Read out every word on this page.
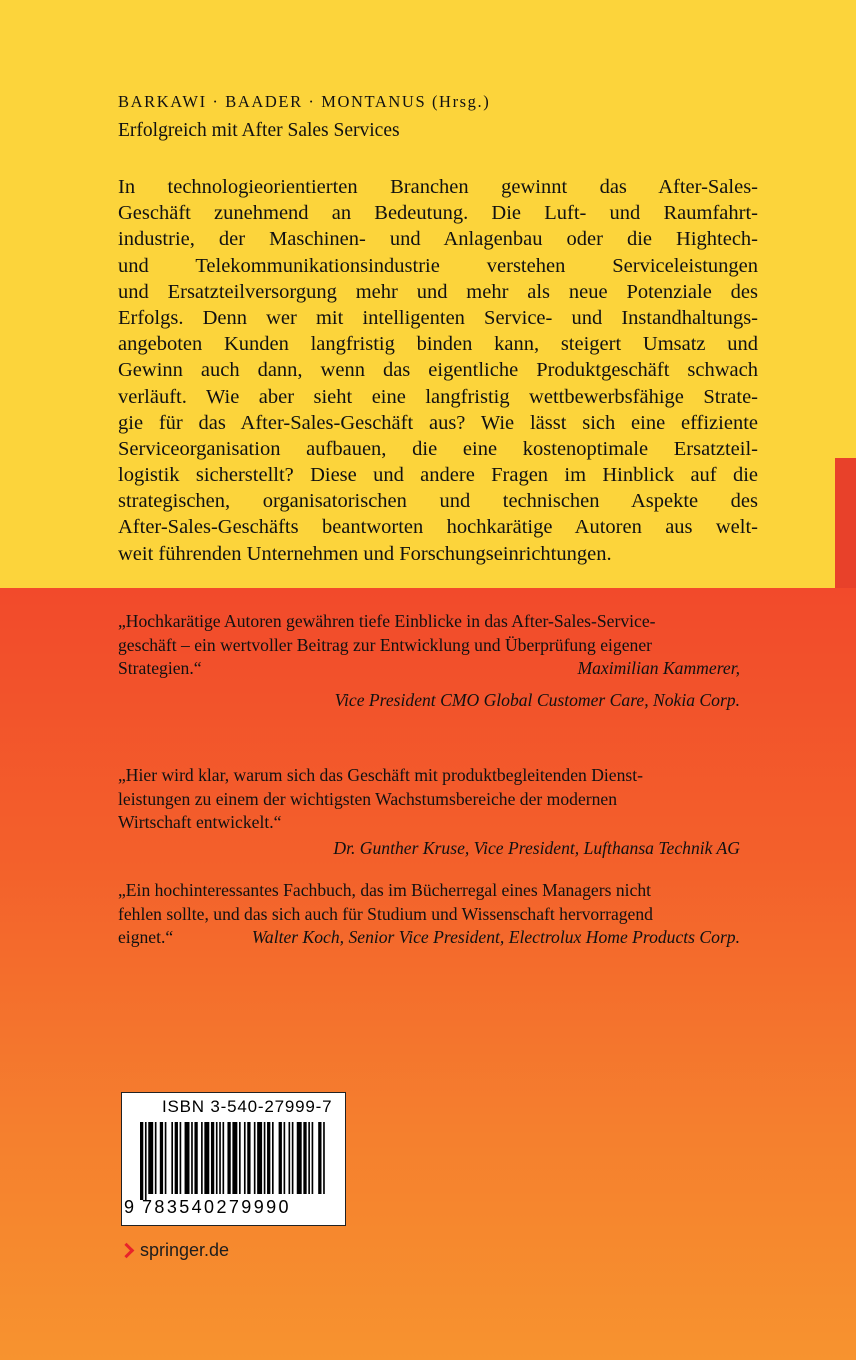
BARKAWI · BAADER · MONTANUS (Hrsg.)
Erfolgreich mit After Sales Services
In technologieorientierten Branchen gewinnt das After-Sales-
Geschäft zunehmend an Bedeutung. Die Luft- und Raumfahrt-
industrie, der Maschinen- und Anlagenbau oder die Hightech-
und Telekommunikationsindustrie verstehen Serviceleistungen
und Ersatzteilversorgung mehr und mehr als neue Potenziale des
Erfolgs. Denn wer mit intelligenten Service- und Instandhaltungs-
angeboten Kunden langfristig binden kann, steigert Umsatz und
Gewinn auch dann, wenn das eigentliche Produktgeschäft schwach
verläuft. Wie aber sieht eine langfristig wettbewerbsfähige Strate-
gie für das After-Sales-Geschäft aus? Wie lässt sich eine effiziente
Serviceorganisation aufbauen, die eine kostenoptimale Ersatzteil-
logistik sicherstellt? Diese und andere Fragen im Hinblick auf die
strategischen, organisatorischen und technischen Aspekte des
After-Sales-Geschäfts beantworten hochkarätige Autoren aus welt-
weit führenden Unternehmen und Forschungseinrichtungen.
„Hochkarätige Autoren gewähren tiefe Einblicke in das After-Sales-Service-
geschäft – ein wertvoller Beitrag zur Entwicklung und Überprüfung eigener
Strategien.“	Maximilian Kammerer,
Vice President CMO Global Customer Care, Nokia Corp.
„Hier wird klar, warum sich das Geschäft mit produktbegleitenden Dienst-
leistungen zu einem der wichtigsten Wachstumsbereiche der modernen
Wirtschaft entwickelt.“
Dr. Gunther Kruse, Vice President, Lufthansa Technik AG
„Ein hochinteressantes Fachbuch, das im Bücherregal eines Managers nicht
fehlen sollte, und das sich auch für Studium und Wissenschaft hervorragend
eignet.“	Walter Koch, Senior Vice President, Electrolux Home Products Corp.
ISBN 3-540-27999-7
9 783540279990
springer.de
